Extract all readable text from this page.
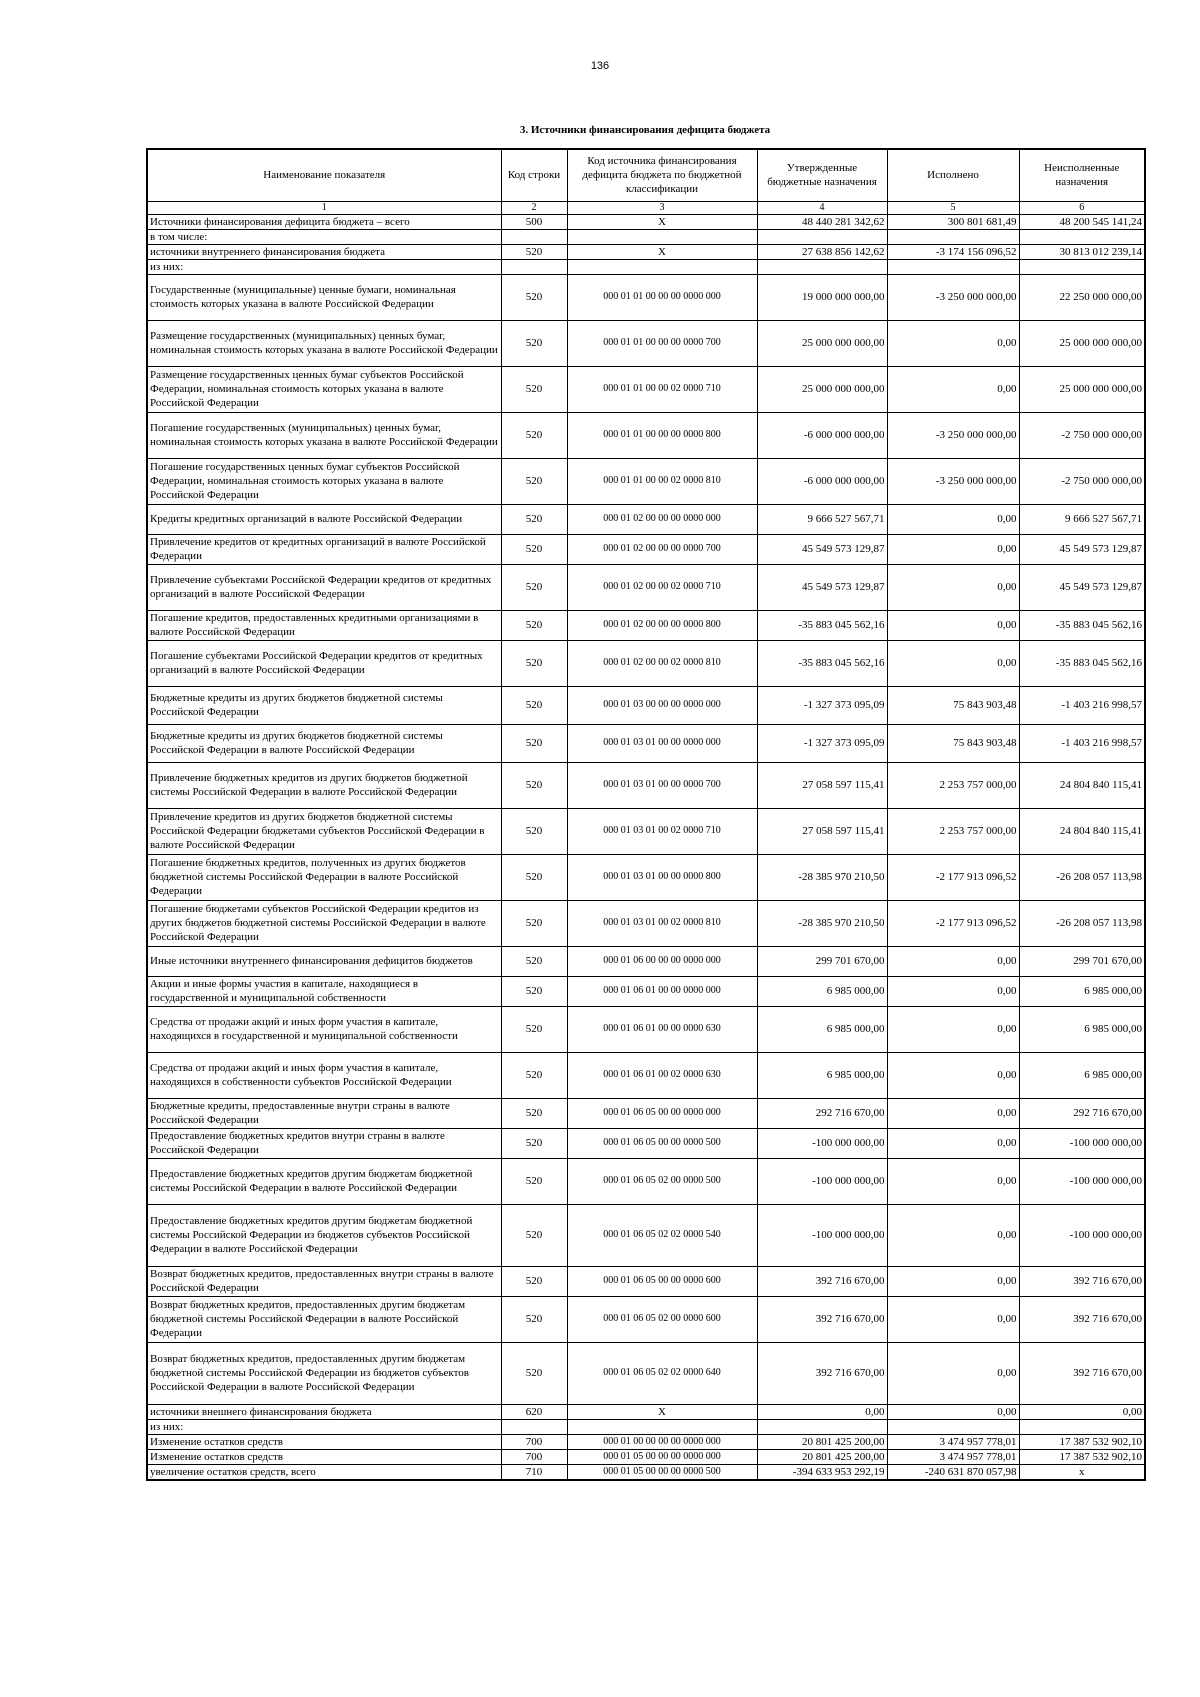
136
3. Источники финансирования дефицита бюджета
Наименование показателя	Код строки	Код источника финансирования дефицита бюджета по бюджетной классификации	Утвержденные бюджетные назначения	Исполнено	Неисполненные назначения
1	2	3	4	5	6
Источники финансирования дефицита бюджета – всего	500	X	48 440 281 342,62	300 801 681,49	48 200 545 141,24
в том числе:					
источники внутреннего финансирования бюджета	520	X	27 638 856 142,62	-3 174 156 096,52	30 813 012 239,14
из них:					
Государственные (муниципальные) ценные бумаги, номинальная стоимость которых указана в валюте Российской Федерации	520	000 01 01 00 00 00 0000 000	19 000 000 000,00	-3 250 000 000,00	22 250 000 000,00
Размещение государственных (муниципальных) ценных бумаг, номинальная стоимость которых указана в валюте Российской Федерации	520	000 01 01 00 00 00 0000 700	25 000 000 000,00	0,00	25 000 000 000,00
Размещение государственных ценных бумаг субъектов Российской Федерации, номинальная стоимость которых указана в валюте Российской Федерации	520	000 01 01 00 00 02 0000 710	25 000 000 000,00	0,00	25 000 000 000,00
Погашение государственных (муниципальных) ценных бумаг, номинальная стоимость которых указана в валюте Российской Федерации	520	000 01 01 00 00 00 0000 800	-6 000 000 000,00	-3 250 000 000,00	-2 750 000 000,00
Погашение государственных ценных бумаг субъектов Российской Федерации, номинальная стоимость которых указана в валюте Российской Федерации	520	000 01 01 00 00 02 0000 810	-6 000 000 000,00	-3 250 000 000,00	-2 750 000 000,00
Кредиты кредитных организаций в валюте Российской Федерации	520	000 01 02 00 00 00 0000 000	9 666 527 567,71	0,00	9 666 527 567,71
Привлечение кредитов от кредитных организаций в валюте Российской Федерации	520	000 01 02 00 00 00 0000 700	45 549 573 129,87	0,00	45 549 573 129,87
Привлечение субъектами Российской Федерации кредитов от кредитных организаций в валюте Российской Федерации	520	000 01 02 00 00 02 0000 710	45 549 573 129,87	0,00	45 549 573 129,87
Погашение кредитов, предоставленных кредитными организациями в валюте Российской Федерации	520	000 01 02 00 00 00 0000 800	-35 883 045 562,16	0,00	-35 883 045 562,16
Погашение субъектами Российской Федерации кредитов от кредитных организаций в валюте Российской Федерации	520	000 01 02 00 00 02 0000 810	-35 883 045 562,16	0,00	-35 883 045 562,16
Бюджетные кредиты из других бюджетов бюджетной системы Российской Федерации	520	000 01 03 00 00 00 0000 000	-1 327 373 095,09	75 843 903,48	-1 403 216 998,57
Бюджетные кредиты из других бюджетов бюджетной системы Российской Федерации в валюте Российской Федерации	520	000 01 03 01 00 00 0000 000	-1 327 373 095,09	75 843 903,48	-1 403 216 998,57
Привлечение бюджетных кредитов из других бюджетов бюджетной системы Российской Федерации в валюте Российской Федерации	520	000 01 03 01 00 00 0000 700	27 058 597 115,41	2 253 757 000,00	24 804 840 115,41
Привлечение кредитов из других бюджетов бюджетной системы Российской Федерации бюджетами субъектов Российской Федерации в валюте Российской Федерации	520	000 01 03 01 00 02 0000 710	27 058 597 115,41	2 253 757 000,00	24 804 840 115,41
Погашение бюджетных кредитов, полученных из других бюджетов бюджетной системы Российской Федерации в валюте Российской Федерации	520	000 01 03 01 00 00 0000 800	-28 385 970 210,50	-2 177 913 096,52	-26 208 057 113,98
Погашение бюджетами субъектов Российской Федерации кредитов из других бюджетов бюджетной системы Российской Федерации в валюте Российской Федерации	520	000 01 03 01 00 02 0000 810	-28 385 970 210,50	-2 177 913 096,52	-26 208 057 113,98
Иные источники внутреннего финансирования дефицитов бюджетов	520	000 01 06 00 00 00 0000 000	299 701 670,00	0,00	299 701 670,00
Акции и иные формы участия в капитале, находящиеся в государственной и муниципальной собственности	520	000 01 06 01 00 00 0000 000	6 985 000,00	0,00	6 985 000,00
Средства от продажи акций и иных форм участия в капитале, находящихся в государственной и муниципальной собственности	520	000 01 06 01 00 00 0000 630	6 985 000,00	0,00	6 985 000,00
Средства от продажи акций и иных форм участия в капитале, находящихся в собственности субъектов Российской Федерации	520	000 01 06 01 00 02 0000 630	6 985 000,00	0,00	6 985 000,00
Бюджетные кредиты, предоставленные внутри страны в валюте Российской Федерации	520	000 01 06 05 00 00 0000 000	292 716 670,00	0,00	292 716 670,00
Предоставление бюджетных кредитов внутри страны в валюте Российской Федерации	520	000 01 06 05 00 00 0000 500	-100 000 000,00	0,00	-100 000 000,00
Предоставление бюджетных кредитов другим бюджетам бюджетной системы Российской Федерации в валюте Российской Федерации	520	000 01 06 05 02 00 0000 500	-100 000 000,00	0,00	-100 000 000,00
Предоставление бюджетных кредитов другим бюджетам бюджетной системы Российской Федерации из бюджетов субъектов Российской Федерации в валюте Российской Федерации	520	000 01 06 05 02 02 0000 540	-100 000 000,00	0,00	-100 000 000,00
Возврат бюджетных кредитов, предоставленных внутри страны в валюте Российской Федерации	520	000 01 06 05 00 00 0000 600	392 716 670,00	0,00	392 716 670,00
Возврат бюджетных кредитов, предоставленных другим бюджетам бюджетной системы Российской Федерации в валюте Российской Федерации	520	000 01 06 05 02 00 0000 600	392 716 670,00	0,00	392 716 670,00
Возврат бюджетных кредитов, предоставленных другим бюджетам бюджетной системы Российской Федерации из бюджетов субъектов Российской Федерации в валюте Российской Федерации	520	000 01 06 05 02 02 0000 640	392 716 670,00	0,00	392 716 670,00
источники внешнего финансирования бюджета	620	X	0,00	0,00	0,00
из них:					
Изменение остатков средств	700	000 01 00 00 00 00 0000 000	20 801 425 200,00	3 474 957 778,01	17 387 532 902,10
Изменение остатков средств	700	000 01 05 00 00 00 0000 000	20 801 425 200,00	3 474 957 778,01	17 387 532 902,10
увеличение остатков средств, всего	710	000 01 05 00 00 00 0000 500	-394 633 953 292,19	-240 631 870 057,98	x
